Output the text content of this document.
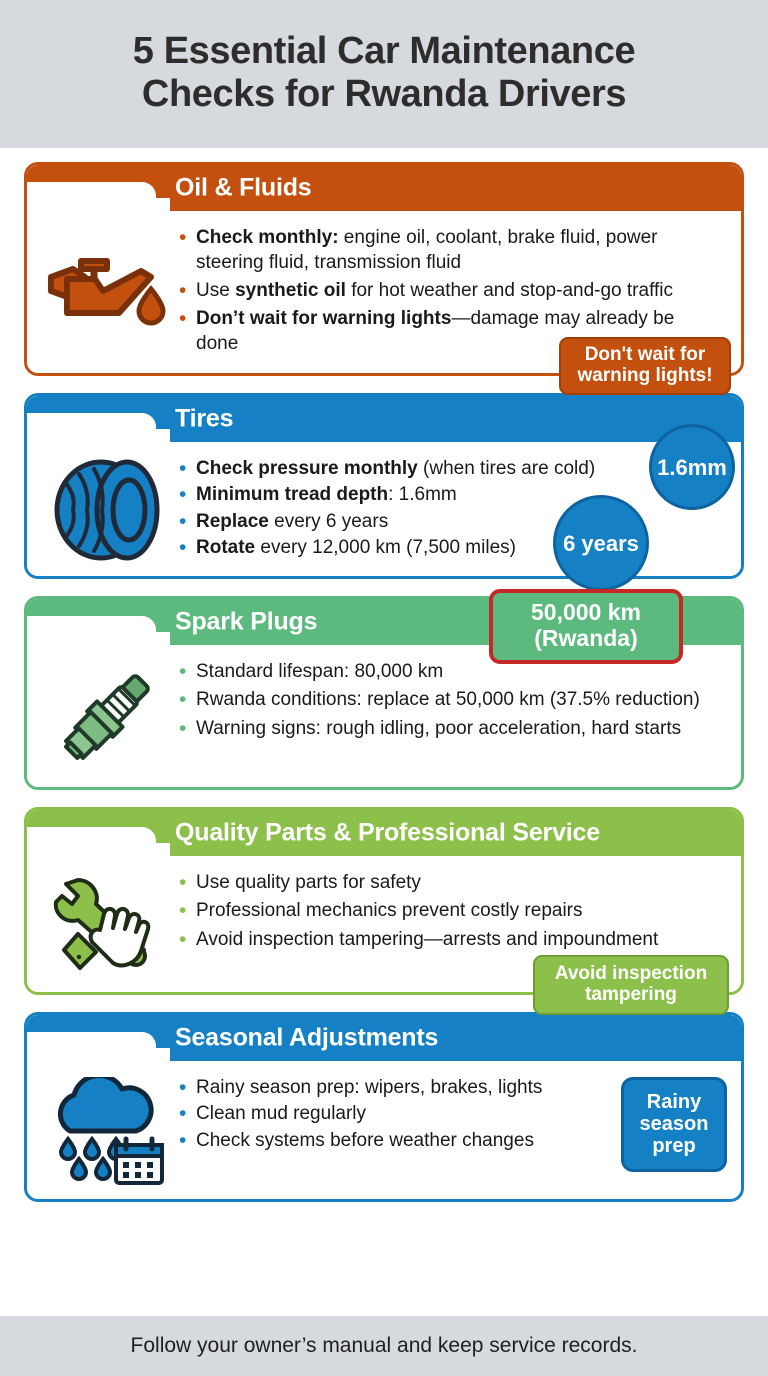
5 Essential Car Maintenance
Checks for Rwanda Drivers
Oil & Fluids
• Check monthly: engine oil, coolant, brake fluid, power steering fluid, transmission fluid
• Use synthetic oil for hot weather and stop-and-go traffic
• Don’t wait for warning lights—damage may already be done	Don't wait for warning lights!
Tires
• Check pressure monthly (when tires are cold)
• Minimum tread depth: 1.6mm
• Replace every 6 years
• Rotate every 12,000 km (7,500 miles)
1.6mm
6 years
Spark Plugs
• Standard lifespan: 80,000 km
• Rwanda conditions: replace at 50,000 km (37.5% reduction)
• Warning signs: rough idling, poor acceleration, hard starts
50,000 km (Rwanda)
Quality Parts & Professional Service
• Use quality parts for safety
• Professional mechanics prevent costly repairs
• Avoid inspection tampering—arrests and impoundment
Avoid inspection tampering
Seasonal Adjustments
• Rainy season prep: wipers, brakes, lights
• Clean mud regularly
• Check systems before weather changes
Rainy season prep

Follow your owner’s manual and keep service records.
